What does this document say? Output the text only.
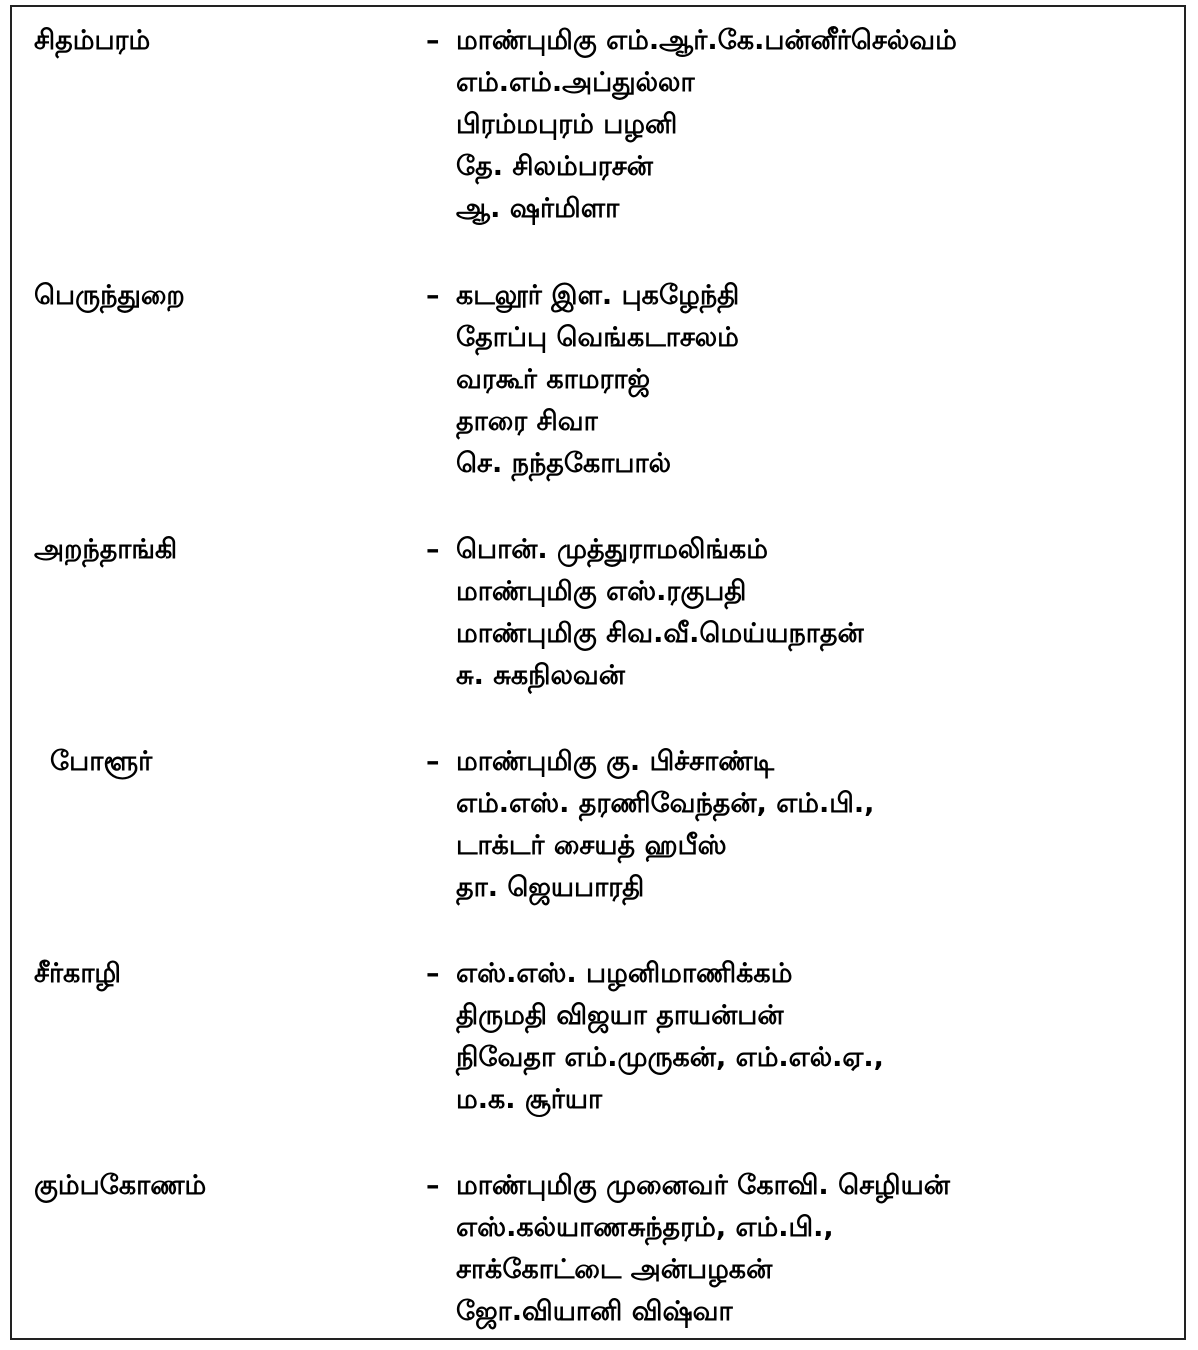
சிதம்பரம்	– மாண்புமிகு எம்.ஆர்.கே.பன்னீர்செல்வம்
எம்.எம்.அப்துல்லா
பிரம்மபுரம் பழனி
தே. சிலம்பரசன்
ஆ. ஷர்மிளா
பெருந்துறை	– கடலூர் இள. புகழேந்தி
தோப்பு வெங்கடாசலம்
வரகூர் காமராஜ்
தாரை சிவா
செ. நந்தகோபால்
அறந்தாங்கி	– பொன். முத்துராமலிங்கம்
மாண்புமிகு எஸ்.ரகுபதி
மாண்புமிகு சிவ.வீ.மெய்யநாதன்
சு. சுகநிலவன்
போளூர்	– மாண்புமிகு கு. பிச்சாண்டி
எம்.எஸ். தரணிவேந்தன், எம்.பி.,
டாக்டர் சையத் ஹபீஸ்
தா. ஜெயபாரதி
சீர்காழி	– எஸ்.எஸ். பழனிமாணிக்கம்
திருமதி விஜயா தாயன்பன்
நிவேதா எம்.முருகன், எம்.எல்.ஏ.,
ம.க. சூர்யா
கும்பகோணம்	– மாண்புமிகு முனைவர் கோவி. செழியன்
எஸ்.கல்யாணசுந்தரம், எம்.பி.,
சாக்கோட்டை அன்பழகன்
ஜோ.வியானி விஷ்வா
